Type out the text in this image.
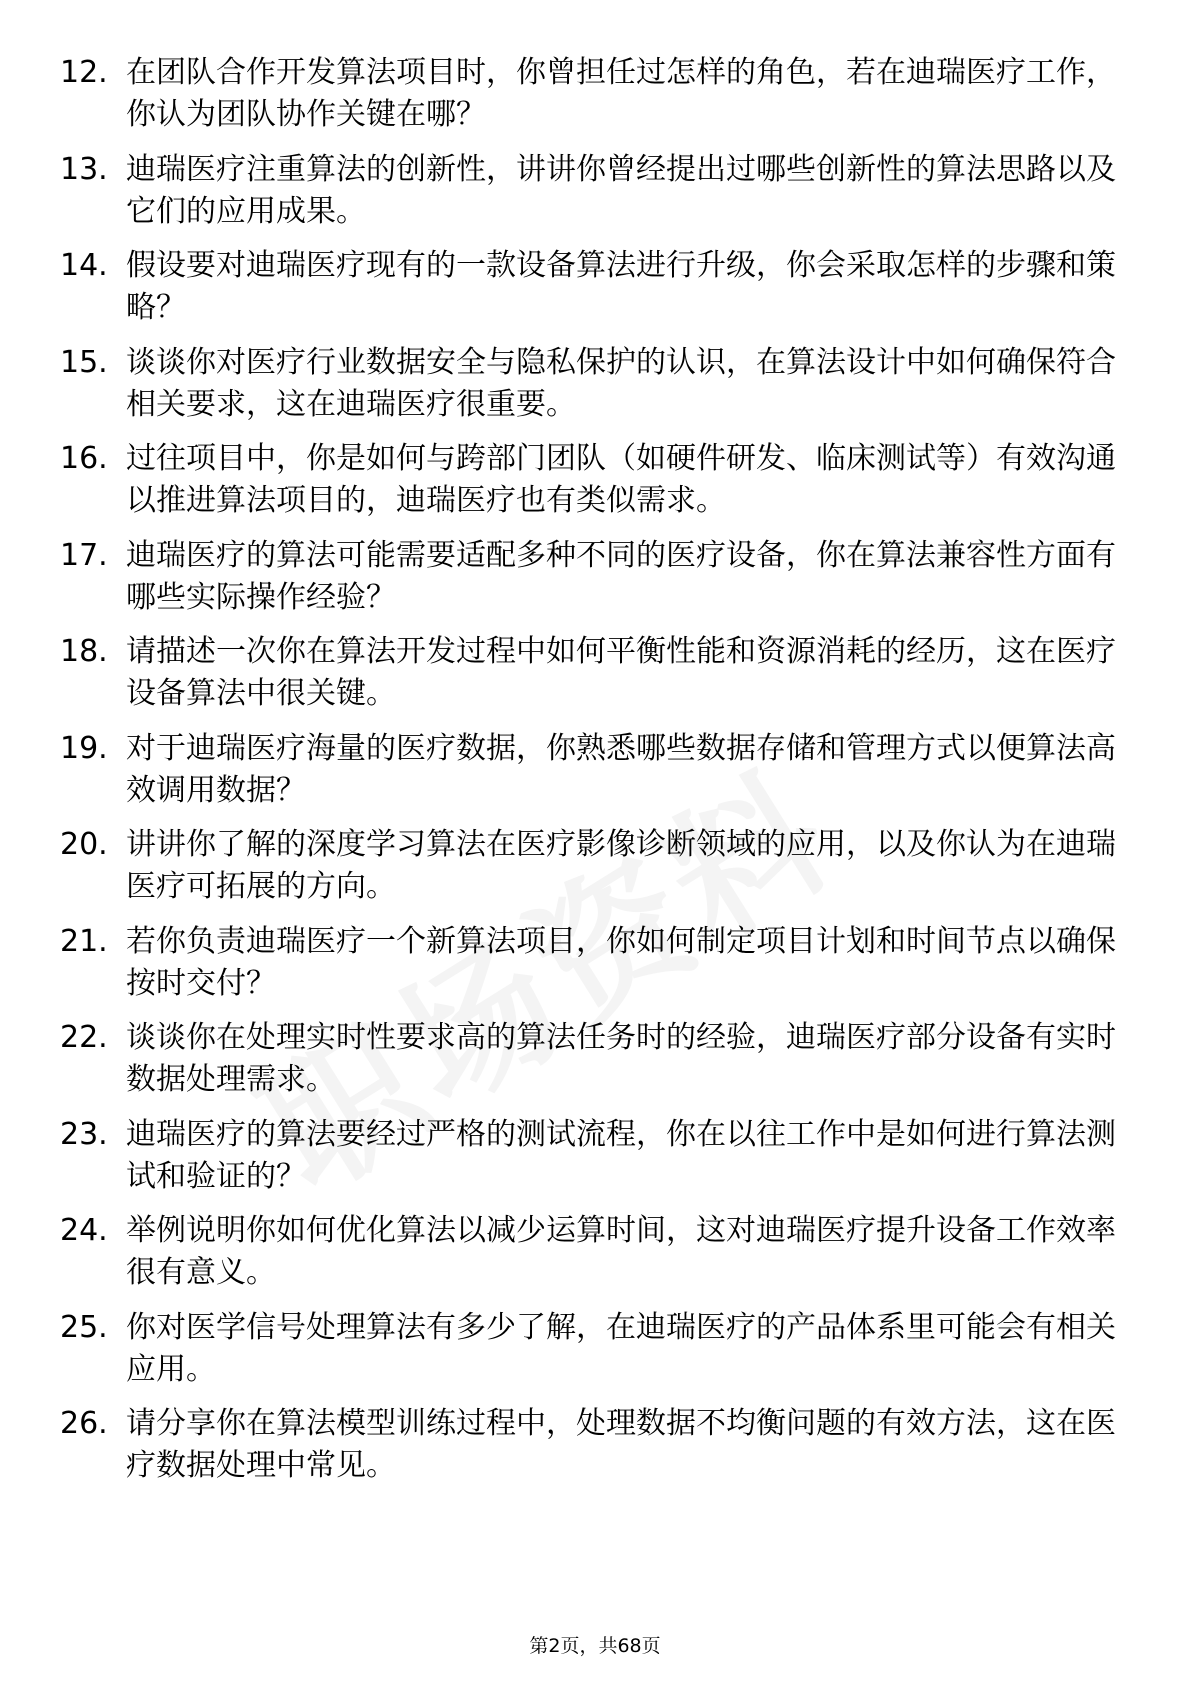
12. 在团队合作开发算法项目时，你曾担任过怎样的角色，若在迪瑞医疗工作，你认为团队协作关键在哪？
13. 迪瑞医疗注重算法的创新性，讲讲你曾经提出过哪些创新性的算法思路以及它们的应用成果。
14. 假设要对迪瑞医疗现有的一款设备算法进行升级，你会采取怎样的步骤和策略？
15. 谈谈你对医疗行业数据安全与隐私保护的认识，在算法设计中如何确保符合相关要求，这在迪瑞医疗很重要。
16. 过往项目中，你是如何与跨部门团队（如硬件研发、临床测试等）有效沟通以推进算法项目的，迪瑞医疗也有类似需求。
17. 迪瑞医疗的算法可能需要适配多种不同的医疗设备，你在算法兼容性方面有哪些实际操作经验？
18. 请描述一次你在算法开发过程中如何平衡性能和资源消耗的经历，这在医疗设备算法中很关键。
19. 对于迪瑞医疗海量的医疗数据，你熟悉哪些数据存储和管理方式以便算法高效调用数据？
20. 讲讲你了解的深度学习算法在医疗影像诊断领域的应用，以及你认为在迪瑞医疗可拓展的方向。
21. 若你负责迪瑞医疗一个新算法项目，你如何制定项目计划和时间节点以确保按时交付？
22. 谈谈你在处理实时性要求高的算法任务时的经验，迪瑞医疗部分设备有实时数据处理需求。
23. 迪瑞医疗的算法要经过严格的测试流程，你在以往工作中是如何进行算法测试和验证的？
24. 举例说明你如何优化算法以减少运算时间，这对迪瑞医疗提升设备工作效率很有意义。
25. 你对医学信号处理算法有多少了解，在迪瑞医疗的产品体系里可能会有相关应用。
26. 请分享你在算法模型训练过程中，处理数据不均衡问题的有效方法，这在医疗数据处理中常见。
第2页，共68页
